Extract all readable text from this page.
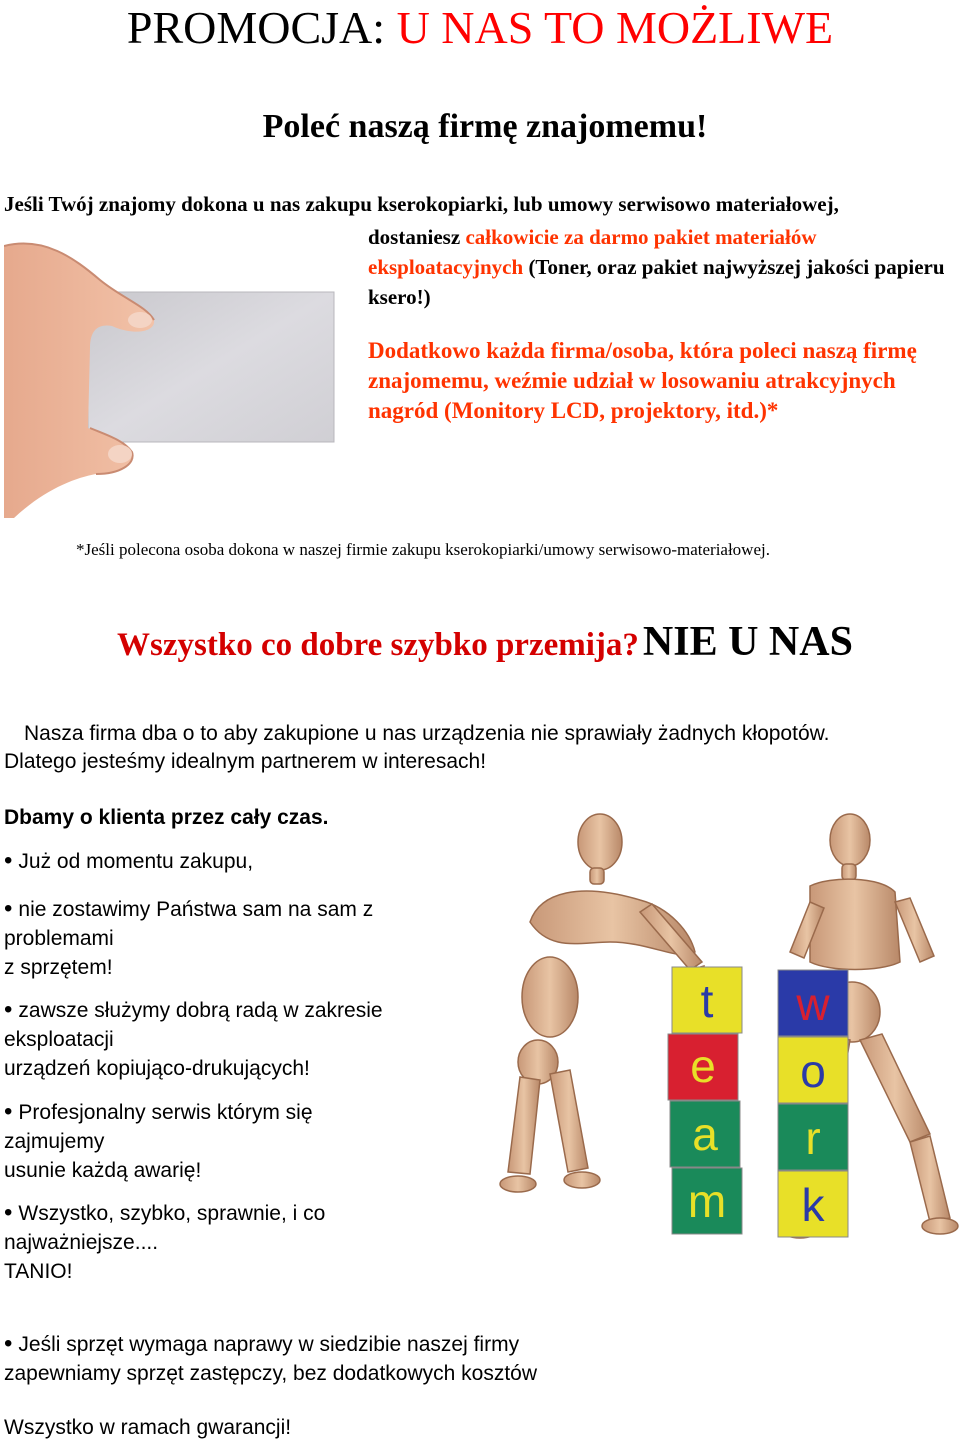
PROMOCJA: U NAS TO MOŻLIWE
Poleć naszą firmę znajomemu!
Jeśli Twój znajomy dokona u nas zakupu kserokopiarki, lub umowy serwisowo materiałowej,
dostaniesz całkowicie za darmo pakiet materiałów eksploatacyjnych (Toner, oraz pakiet najwyższej jakości papieru ksero!)
Dodatkowo każda firma/osoba, która poleci naszą firmę znajomemu, weźmie udział w losowaniu atrakcyjnych nagród (Monitory LCD, projektory, itd.)*
*Jeśli polecona osoba dokona w naszej firmie zakupu kserokopiarki/umowy serwisowo-materiałowej.
Wszystko co dobre szybko przemija? NIE U NAS
Nasza firma dba o to aby zakupione u nas urządzenia nie sprawiały żadnych kłopotów.
Dlatego jesteśmy idealnym partnerem w interesach!
Dbamy o klienta przez cały czas.
• Już od momentu zakupu,
• nie zostawimy Państwa sam na sam z
problemami
z sprzętem!
• zawsze służymy dobrą radą w zakresie
eksploatacji
urządzeń kopiująco-drukujących!
• Profesjonalny serwis którym się
zajmujemy
usunie każdą awarię!
• Wszystko, szybko, sprawnie, i co
najważniejsze....
TANIO!
• Jeśli sprzęt wymaga naprawy w siedzibie naszej firmy
zapewniamy sprzęt zastępczy, bez dodatkowych kosztów
Wszystko w ramach gwarancji!
t
e
a
m
w
o
r
k
